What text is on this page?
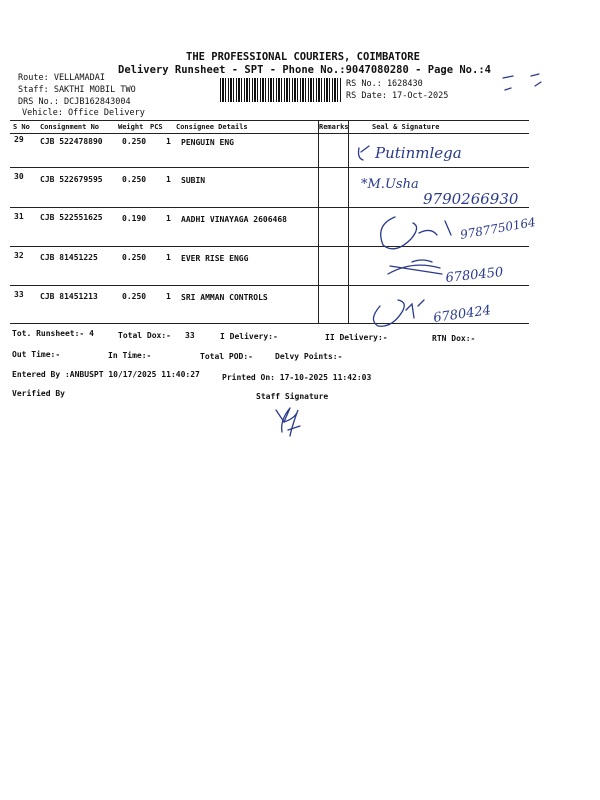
THE PROFESSIONAL COURIERS, COIMBATORE
Delivery Runsheet - SPT - Phone No.:9047080280 - Page No.:4
Route: VELLAMADAI
Staff: SAKTHI MOBIL TWO
DRS No.: DCJB162843004
Vehicle: Office Delivery
RS No.: 1628430
RS Date: 17-Oct-2025
S No Consignment No	Weight PCS Consignee Details	Remarks	Seal & Signature
29 CJB 522478890 0.250 1 PENGUIN ENG
30 CJB 522679595 0.250 1 SUBIN
31 CJB 522551625 0.190 1 AADHI VINAYAGA 2606468
32 CJB 81451225	0.250 1 EVER RISE ENGG
33 CJB 81451213	0.250 1 SRI AMMAN CONTROLS
Putinmlega
*M.Usha
9790266930
9787750164
6780450
6780424
Tot. Runsheet:- 4	Total Dox:- 33	I Delivery:-	II Delivery:-	RTN Dox:-
Out Time:-	In Time:-	Total POD:-	Delvy Points:-
Entered By :ANBUSPT 10/17/2025 11:40:27	Printed On: 17-10-2025 11:42:03
Verified By	Staff Signature
